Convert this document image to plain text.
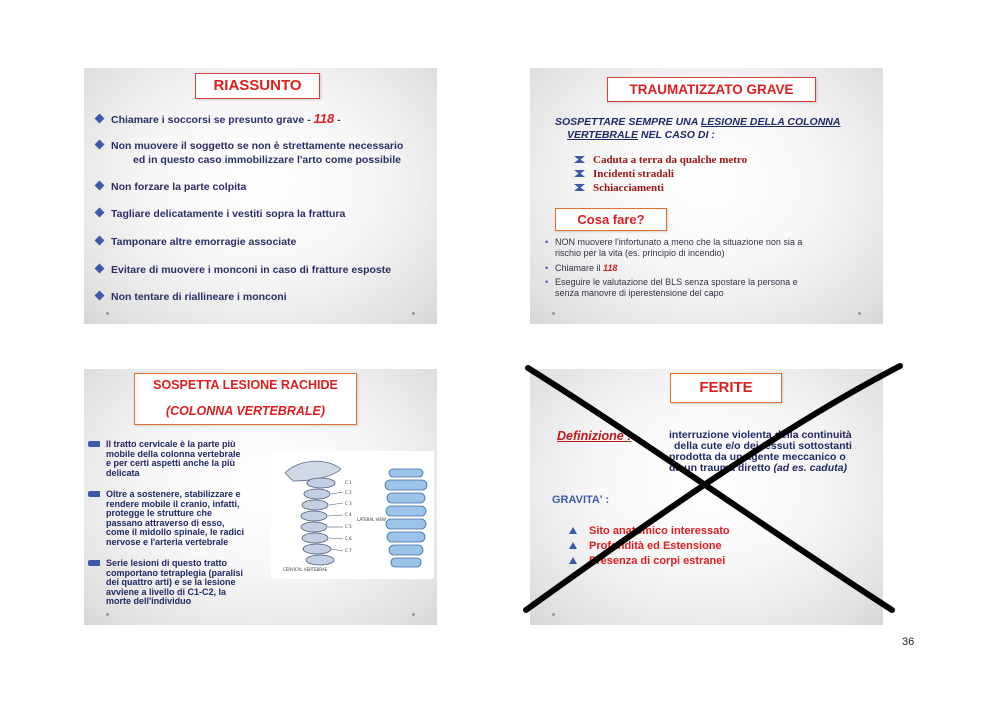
RIASSUNTO
Chiamare i soccorsi se presunto grave - 118 -
Non muovere il soggetto se non è strettamente necessario
ed in questo caso immobilizzare l'arto come possibile
Non forzare la parte colpita
Tagliare delicatamente i vestiti sopra la frattura
Tamponare altre emorragie associate
Evitare di muovere i monconi in caso di fratture esposte
Non tentare di riallineare i monconi
TRAUMATIZZATO GRAVE
SOSPETTARE SEMPRE UNA LESIONE DELLA COLONNA
VERTEBRALE NEL CASO DI :
Caduta a terra da qualche metro
Incidenti stradali
Schiacciamenti
Cosa fare?
• NON muovere l'infortunato a meno che la situazione non sia a
rischio per la vita (es. principio di incendio)
• Chiamare il 118
• Eseguire le valutazione del BLS senza spostare la persona e
senza manovre di iperestensione del capo
SOSPETTA LESIONE RACHIDE
(COLONNA VERTEBRALE)
Il tratto cervicale è la parte più
mobile della colonna vertebrale
e per certi aspetti anche la più
delicata
Oltre a sostenere, stabilizzare e
rendere mobile il cranio, infatti,
protegge le strutture che
passano attraverso di esso,
come il midollo spinale, le radici
nervose e l'arteria vertebrale
Serie lesioni di questo tratto
comportano tetraplegia (paralisi
dei quattro arti) e se la lesione
avviene a livello di C1-C2, la
morte dell'individuo
C 1
C 2
C 3
C 4
C 5
C 6
C 7
LATERAL VIEW
CERVICAL VERTEBRAE
FERITE
Definizione :	interruzione violenta della continuità
della cute e/o dei tessuti sottostanti
prodotta da un agente meccanico o
da un trauma diretto (ad es. caduta)
GRAVITA' :
Sito anatomico interessato
Profondità ed Estensione
Presenza di corpi estranei
36
